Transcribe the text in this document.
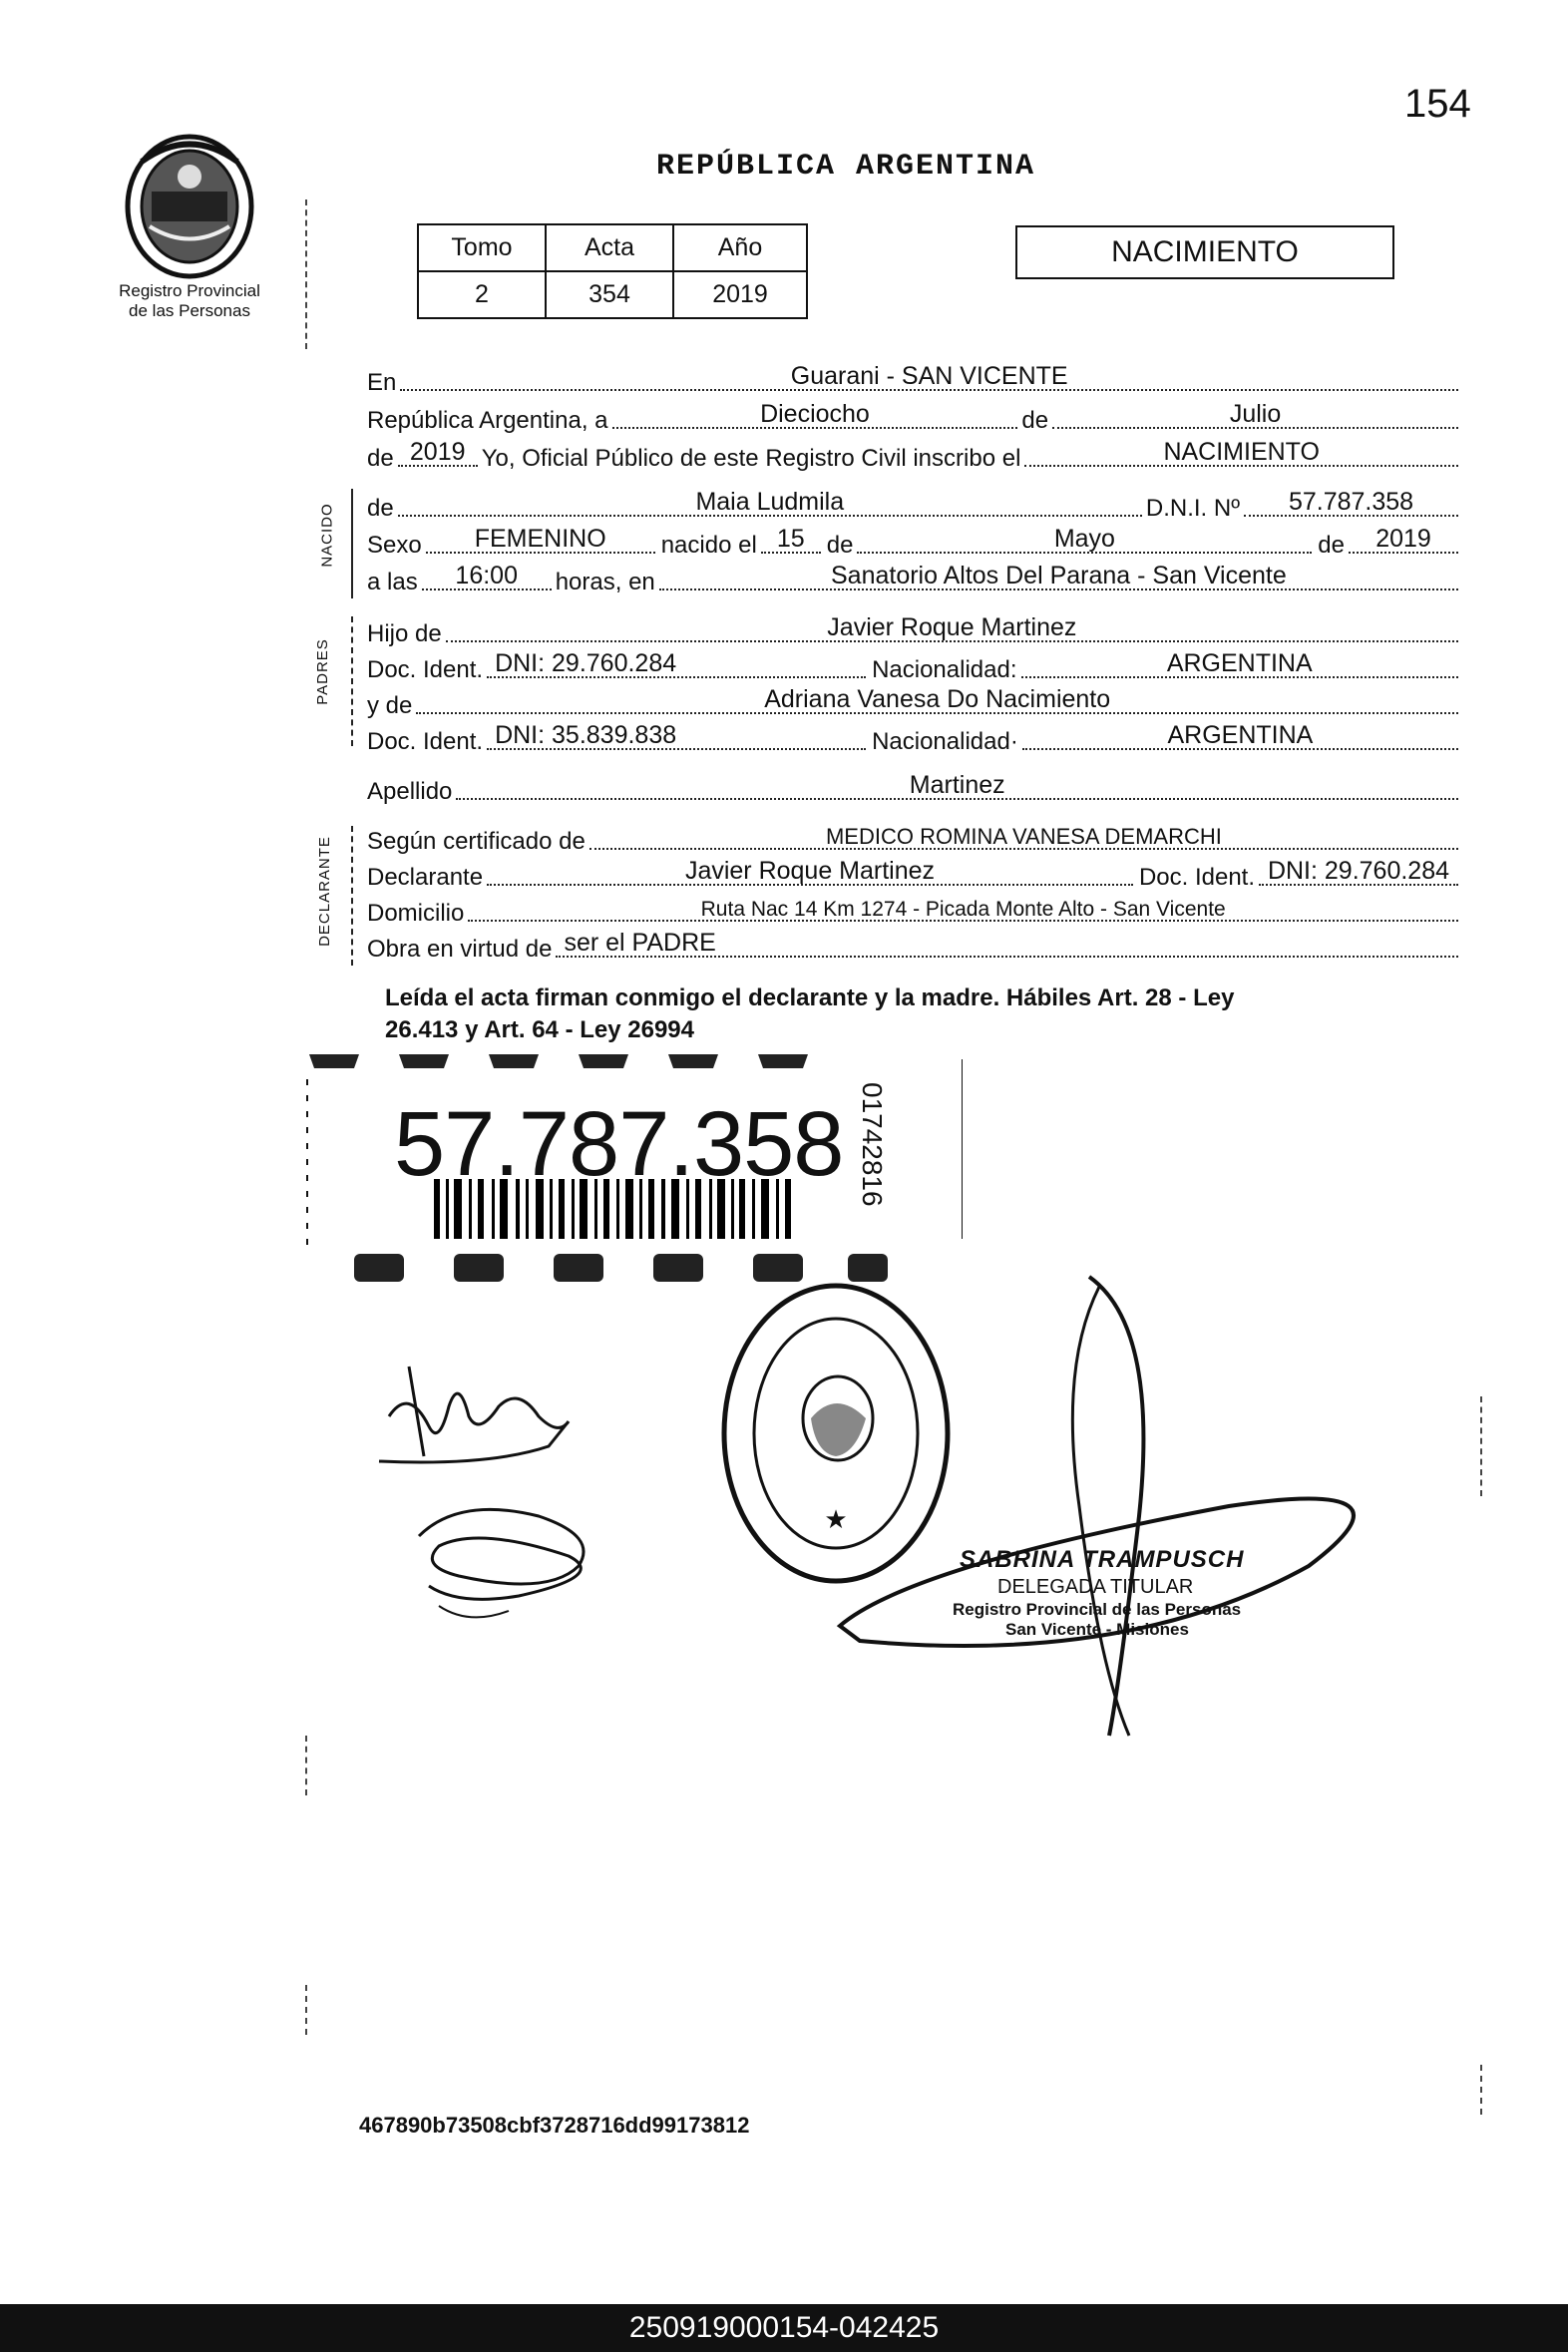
154
REPÚBLICA ARGENTINA
Registro Provincial
de las Personas
Tomo	Acta	Año
2	354	2019
NACIMIENTO
En	Guarani - SAN VICENTE
República Argentina, a	Dieciocho	de	Julio
de 2019 Yo, Oficial Público de este Registro Civil inscribo el	NACIMIENTO
NACIDO de	Maia Ludmila	D.N.I. Nº	57.787.358
Sexo	FEMENINO	nacido el 15 de	Mayo	de	2019
a las	16:00	horas, en	Sanatorio Altos Del Parana - San Vicente
PADRES
Hijo de	Javier Roque Martinez
Doc. Ident. DNI: 29.760.284	Nacionalidad:	ARGENTINA
y de	Adriana Vanesa Do Nacimiento
Doc. Ident. DNI: 35.839.838	Nacionalidad·	ARGENTINA
Apellido	Martinez
DECLARANTE Según certificado de	MEDICO ROMINA VANESA DEMARCHI
Declarante	Javier Roque Martinez	Doc. Ident. DNI: 29.760.284
Domicilio	Ruta Nac 14 Km 1274 - Picada Monte Alto - San Vicente
Obra en virtud de ser el PADRE
Leída el acta firman conmigo el declarante y la madre. Hábiles Art. 28 - Ley
26.413 y Art. 64 - Ley 26994
57.787.358 01742816
★
SABRINA TRAMPUSCH
DELEGADA TITULAR
Registro Provincial de las Personas
San Vicente - Misiones
467890b73508cbf3728716dd99173812
250919000154-042425
